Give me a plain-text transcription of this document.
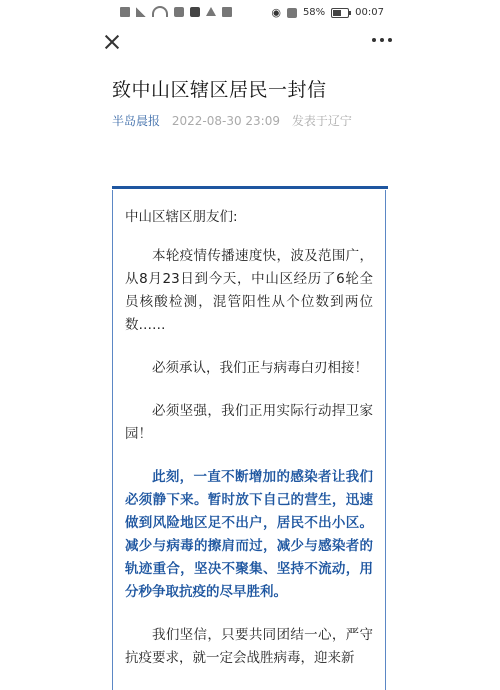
◉ 58%	00:07
致中山区辖区居民一封信
半岛晨报 2022-08-30 23:09 发表于辽宁

中山区辖区朋友们:

本轮疫情传播速度快，波及范围广，从8月23日到今天，中山区经历了6轮全员核酸检测，混管阳性从个位数到两位数……

必须承认，我们正与病毒白刃相接！

必须坚强，我们正用实际行动捍卫家园！

此刻，一直不断增加的感染者让我们必须静下来。暂时放下自己的营生，迅速做到风险地区足不出户，居民不出小区。减少与病毒的擦肩而过，减少与感染者的轨迹重合，坚决不聚集、坚持不流动，用分秒争取抗疫的尽早胜利。

我们坚信，只要共同团结一心，严守抗疫要求，就一定会战胜病毒，迎来新
